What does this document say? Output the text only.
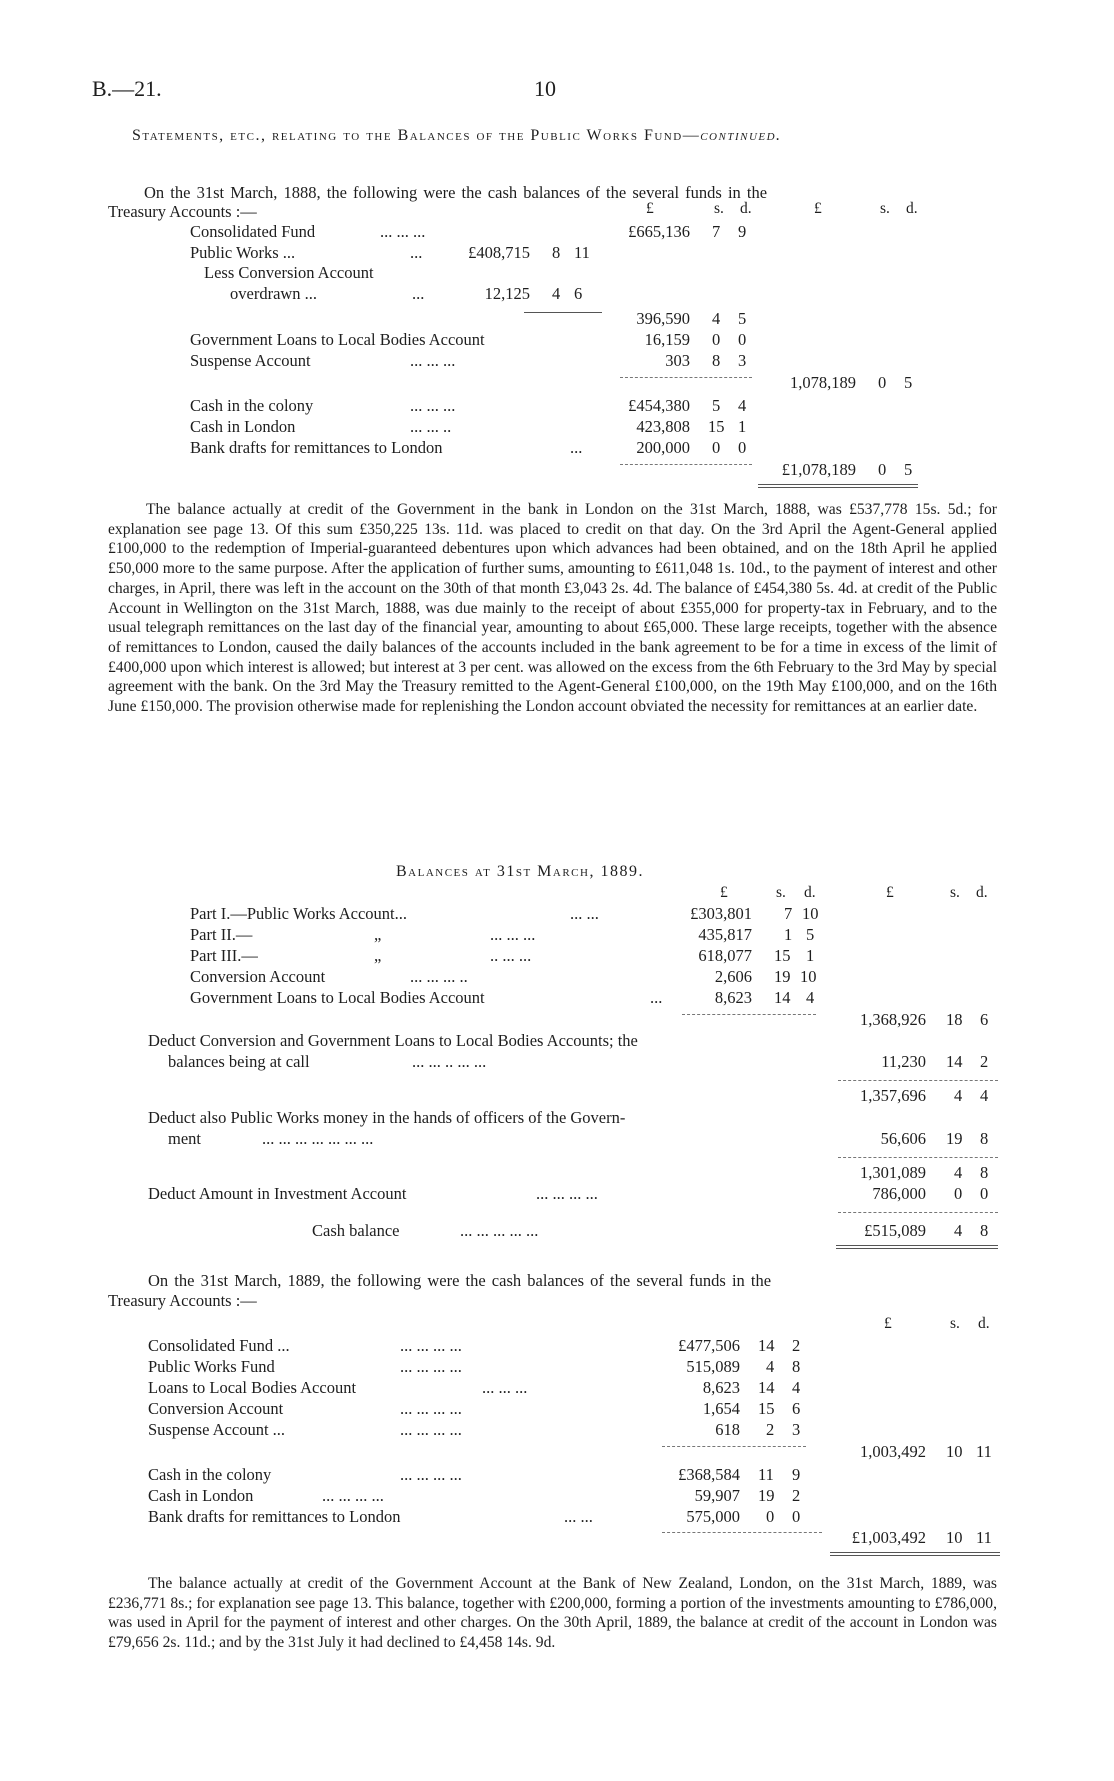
B.—21.	10
Statements, etc., relating to the Balances of the Public Works Fund—continued.
On the 31st March, 1888, the following were the cash balances of the several funds in the
Treasury Accounts :—	£	s. d.	£	s. d.
Consolidated Fund	... ... ...	£665,136 7 9
Public Works ...	...	£408,715 8 11
Less Conversion Account
overdrawn ...	...	12,125 4 6
396,590 4 5
Government Loans to Local Bodies Account	16,159 0 0
Suspense Account	... ... ...	303 8 3
1,078,189 0 5
Cash in the colony	... ... ...	£454,380 5 4
Cash in London	... ... ..	423,808 15 1
Bank drafts for remittances to London	...	200,000 0 0
£1,078,189 0 5
The balance actually at credit of the Government in the bank in London on the 31st March, 1888, was £537,778 15s. 5d.; for explanation see page 13. Of this sum £350,225 13s. 11d. was placed to credit on that day. On the 3rd April the Agent-General applied £100,000 to the redemption of Imperial-guaranteed debentures upon which advances had been obtained, and on the 18th April he applied £50,000 more to the same purpose. After the application of further sums, amounting to £611,048 1s. 10d., to the payment of interest and other charges, in April, there was left in the account on the 30th of that month £3,043 2s. 4d. The balance of £454,380 5s. 4d. at credit of the Public Account in Wellington on the 31st March, 1888, was due mainly to the receipt of about £355,000 for property-tax in February, and to the usual telegraph remittances on the last day of the financial year, amounting to about £65,000. These large receipts, together with the absence of remittances to London, caused the daily balances of the accounts included in the bank agreement to be for a time in excess of the limit of £400,000 upon which interest is allowed; but interest at 3 per cent. was allowed on the excess from the 6th February to the 3rd May by special agreement with the bank. On the 3rd May the Treasury remitted to the Agent-General £100,000, on the 19th May £100,000, and on the 16th June £150,000. The provision otherwise made for replenishing the London account obviated the necessity for remittances at an earlier date.
Balances at 31st March, 1889.
£	s. d.	£	s. d.
Part I.—Public Works Account...	... ...	£303,801 7 10
Part II.—	„	... ... ...	435,817 1 5
Part III.—	„	.. ... ...	618,077 15 1
Conversion Account	... ... ... ..	2,606 19 10
Government Loans to Local Bodies Account	...	8,623 14 4
1,368,926 18 6
Deduct Conversion and Government Loans to Local Bodies Accounts; the
balances being at call	... ... .. ... ...	11,230 14 2
1,357,696 4 4
Deduct also Public Works money in the hands of officers of the Govern-
ment	... ... ... ... ... ... ...	56,606 19 8
1,301,089 4 8
Deduct Amount in Investment Account	... ... ... ...	786,000 0 0
Cash balance	... ... ... ... ...	£515,089 4 8
On the 31st March, 1889, the following were the cash balances of the several funds in the
Treasury Accounts :—
£	s. d.
Consolidated Fund ...	... ... ... ...	£477,506 14 2
Public Works Fund	... ... ... ...	515,089 4 8
Loans to Local Bodies Account	... ... ...	8,623 14 4
Conversion Account	... ... ... ...	1,654 15 6
Suspense Account ...	... ... ... ...	618 2 3
1,003,492 10 11
Cash in the colony	... ... ... ...	£368,584 11 9
Cash in London	... ... ... ...	59,907 19 2
Bank drafts for remittances to London	... ...	575,000 0 0
£1,003,492 10 11
The balance actually at credit of the Government Account at the Bank of New Zealand, London, on the 31st March, 1889, was £236,771 8s.; for explanation see page 13. This balance, together with £200,000, forming a portion of the investments amounting to £786,000, was used in April for the payment of interest and other charges. On the 30th April, 1889, the balance at credit of the account in London was £79,656 2s. 11d.; and by the 31st July it had declined to £4,458 14s. 9d.
